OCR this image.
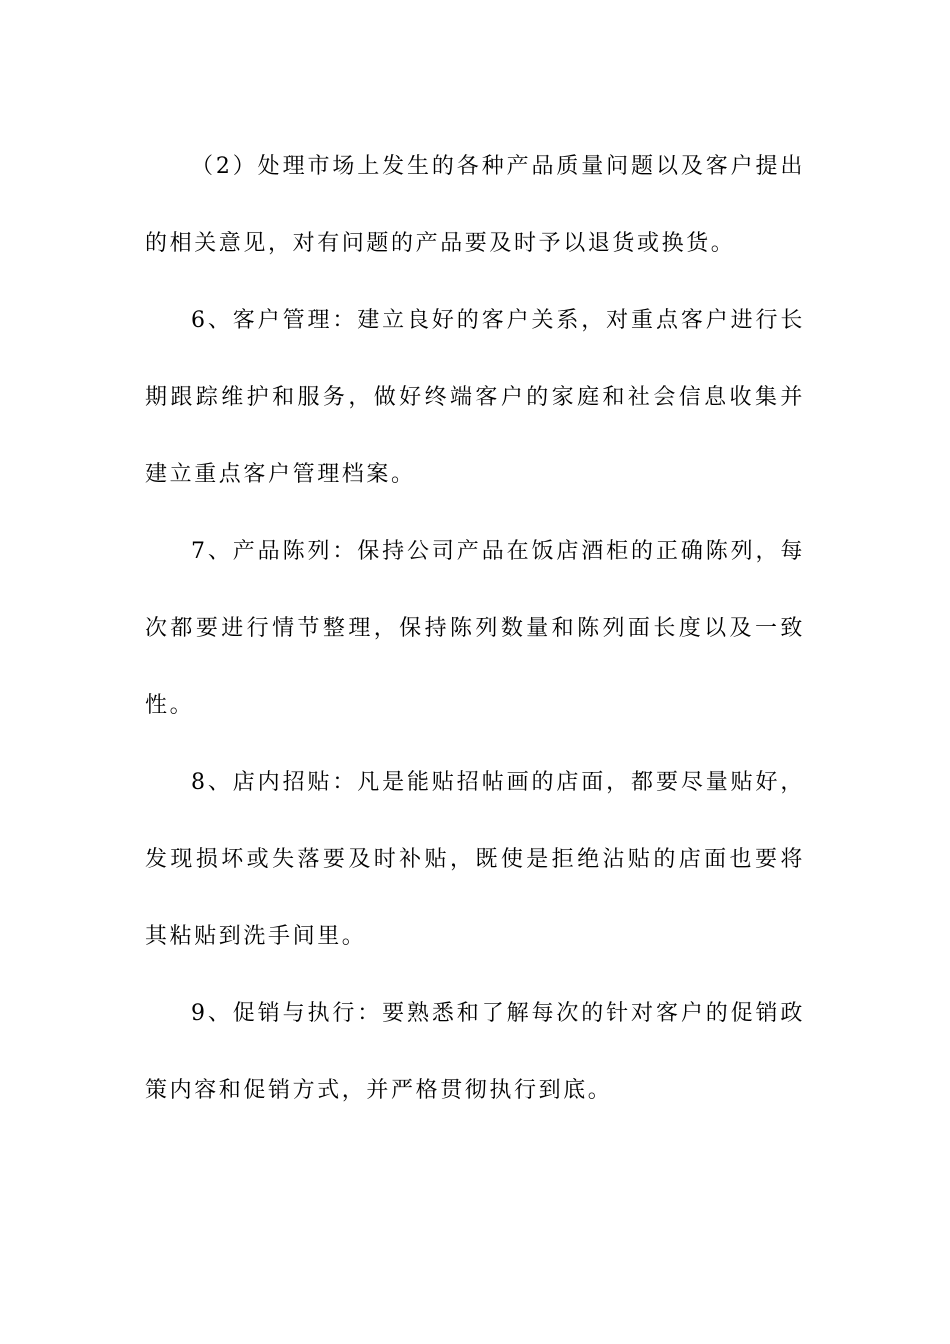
（2）处理市场上发生的各种产品质量问题以及客户提出的相关意见，对有问题的产品要及时予以退货或换货。

6、客户管理：建立良好的客户关系，对重点客户进行长期跟踪维护和服务，做好终端客户的家庭和社会信息收集并建立重点客户管理档案。

7、产品陈列：保持公司产品在饭店酒柜的正确陈列，每次都要进行情节整理，保持陈列数量和陈列面长度以及一致性。

8、店内招贴：凡是能贴招帖画的店面，都要尽量贴好，发现损坏或失落要及时补贴，既使是拒绝沾贴的店面也要将其粘贴到洗手间里。

9、促销与执行：要熟悉和了解每次的针对客户的促销政策内容和促销方式，并严格贯彻执行到底。
